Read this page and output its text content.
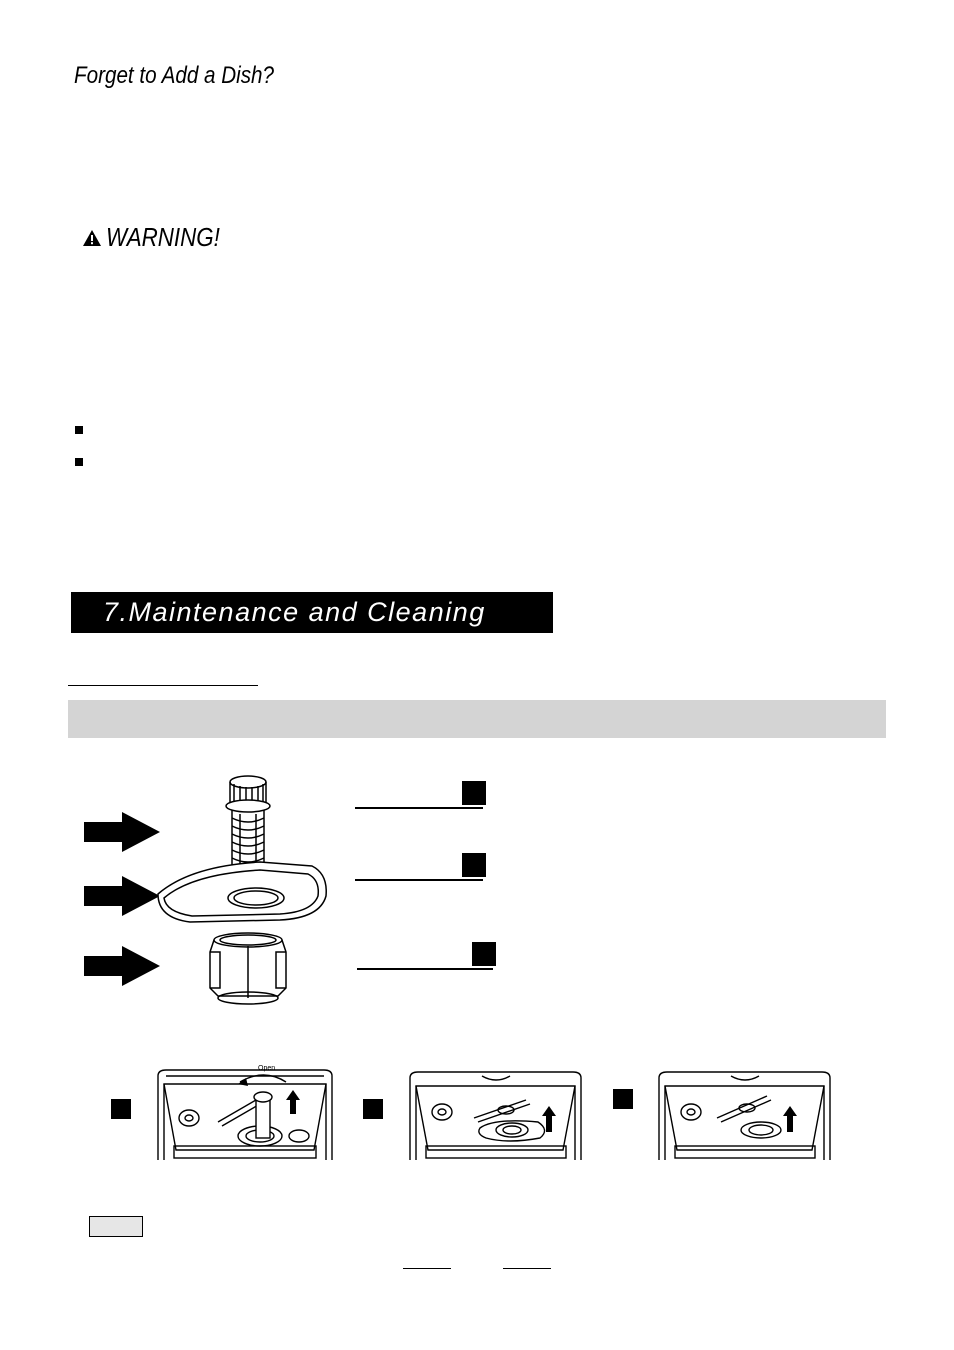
Forget to Add a Dish?
WARNING!
7.Maintenance and Cleaning
Open
